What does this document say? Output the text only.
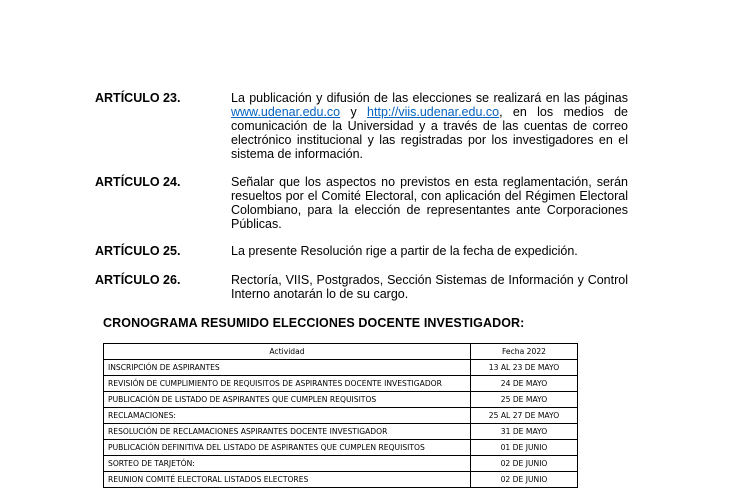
ARTÍCULO 23.	La publicación y difusión de las elecciones se realizará en las páginas www.udenar.edu.co y http://viis.udenar.edu.co, en los medios de comunicación de la Universidad y a través de las cuentas de correo electrónico institucional y las registradas por los investigadores en el sistema de información.
ARTÍCULO 24.	Señalar que los aspectos no previstos en esta reglamentación, serán resueltos por el Comité Electoral, con aplicación del Régimen Electoral Colombiano, para la elección de representantes ante Corporaciones Públicas.
ARTÍCULO 25.	La presente Resolución rige a partir de la fecha de expedición.
ARTÍCULO 26.	Rectoría, VIIS, Postgrados, Sección Sistemas de Información y Control Interno anotarán lo de su cargo.
CRONOGRAMA RESUMIDO ELECCIONES DOCENTE INVESTIGADOR:
Actividad	Fecha 2022
INSCRIPCIÓN DE ASPIRANTES	13 AL 23 DE MAYO
REVISIÓN DE CUMPLIMIENTO DE REQUISITOS DE ASPIRANTES DOCENTE INVESTIGADOR	24 DE MAYO
PUBLICACIÓN DE LISTADO DE ASPIRANTES QUE CUMPLEN REQUISITOS	25 DE MAYO
RECLAMACIONES:	25 AL 27 DE MAYO
RESOLUCIÓN DE RECLAMACIONES ASPIRANTES DOCENTE INVESTIGADOR	31 DE MAYO
PUBLICACIÓN DEFINITIVA DEL LISTADO DE ASPIRANTES QUE CUMPLEN REQUISITOS	01 DE JUNIO
SORTEO DE TARJETÓN:	02 DE JUNIO
REUNION COMITÉ ELECTORAL LISTADOS ELECTORES	02 DE JUNIO
